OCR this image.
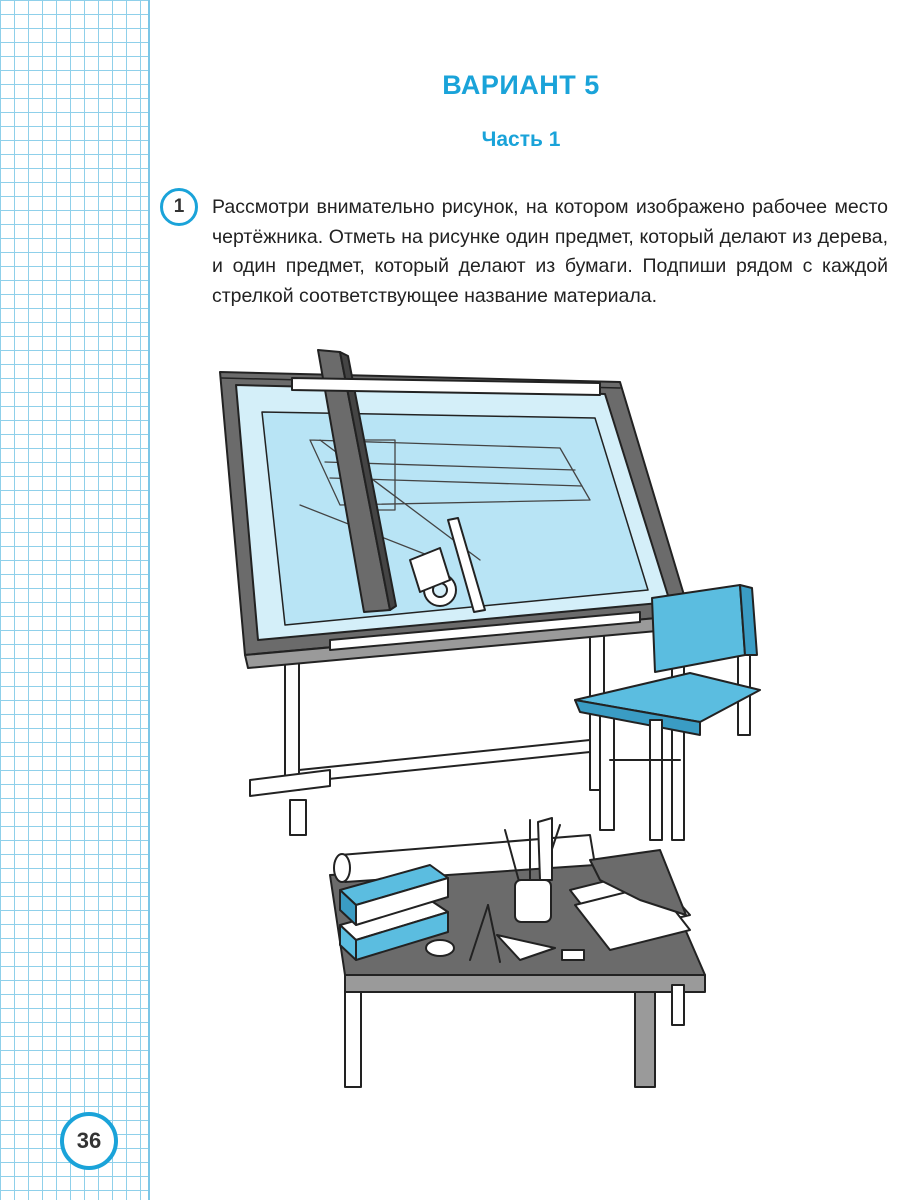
ВАРИАНТ 5
Часть 1
1	Рассмотри внимательно рисунок, на котором изображено рабочее место чертёжника. Отметь на рисунке один предмет, который делают из дерева, и один предмет, который делают из бумаги. Подпиши рядом с каждой стрелкой соответствующее название материала.
36
